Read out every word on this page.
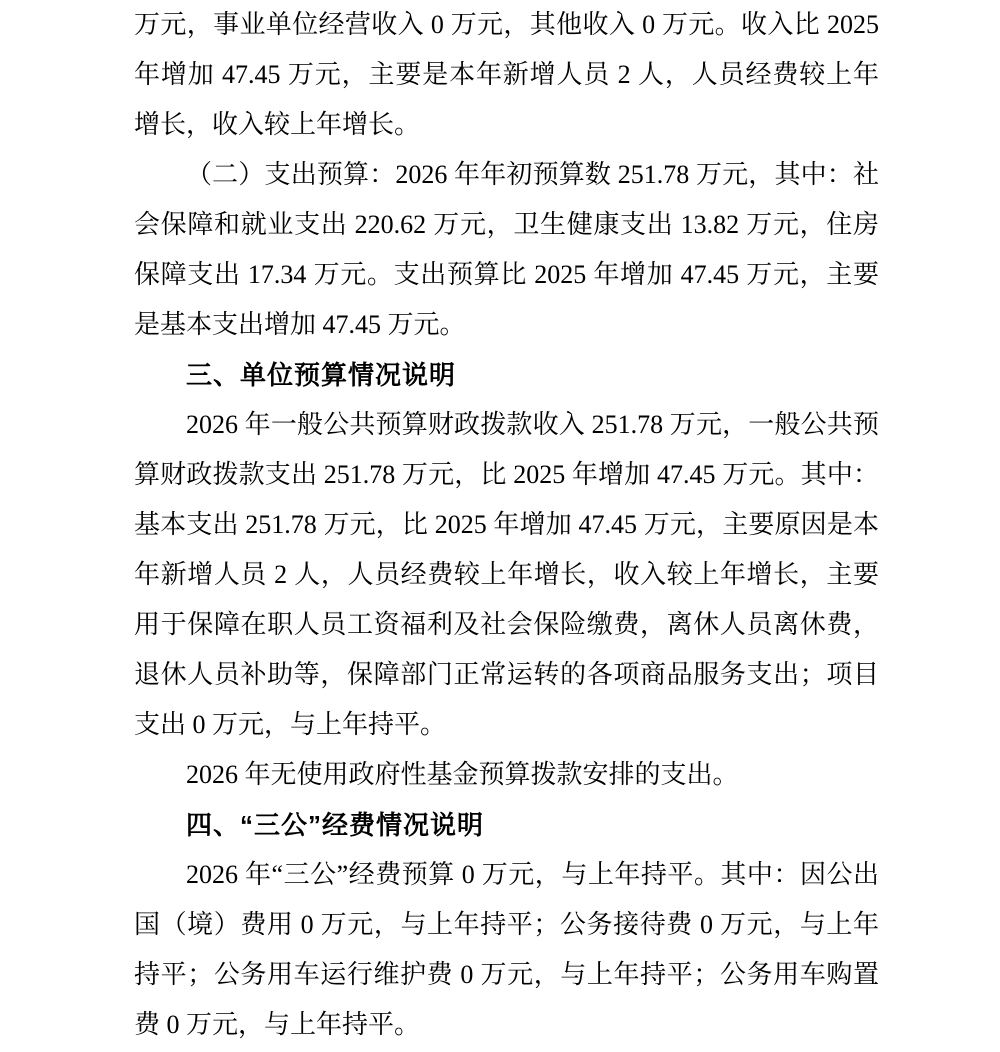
万元，事业单位经营收入 0 万元，其他收入 0 万元。收入比 2025 年增加 47.45 万元，主要是本年新增人员 2 人，人员经费较上年增长，收入较上年增长。
（二）支出预算：2026 年年初预算数 251.78 万元，其中：社会保障和就业支出 220.62 万元，卫生健康支出 13.82 万元，住房保障支出 17.34 万元。支出预算比 2025 年增加 47.45 万元，主要是基本支出增加 47.45 万元。
三、单位预算情况说明
2026 年一般公共预算财政拨款收入 251.78 万元，一般公共预算财政拨款支出 251.78 万元，比 2025 年增加 47.45 万元。其中：基本支出 251.78 万元，比 2025 年增加 47.45 万元，主要原因是本年新增人员 2 人，人员经费较上年增长，收入较上年增长，主要用于保障在职人员工资福利及社会保险缴费，离休人员离休费，退休人员补助等，保障部门正常运转的各项商品服务支出；项目支出 0 万元，与上年持平。
2026 年无使用政府性基金预算拨款安排的支出。
四、“三公”经费情况说明
2026 年“三公”经费预算 0 万元，与上年持平。其中：因公出国（境）费用 0 万元，与上年持平；公务接待费 0 万元，与上年持平；公务用车运行维护费 0 万元，与上年持平；公务用车购置费 0 万元，与上年持平。
